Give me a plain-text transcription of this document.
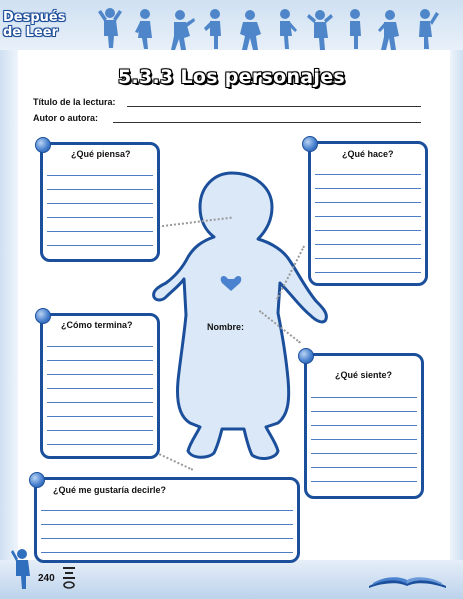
Después
de Leer
5.3.3 Los personajes
Título de la lectura:
Autor o autora:
¿Qué piensa?	¿Qué hace?
¿Cómo termina?
¿Qué siente?
¿Qué me gustaría decirle?
Nombre:
240
